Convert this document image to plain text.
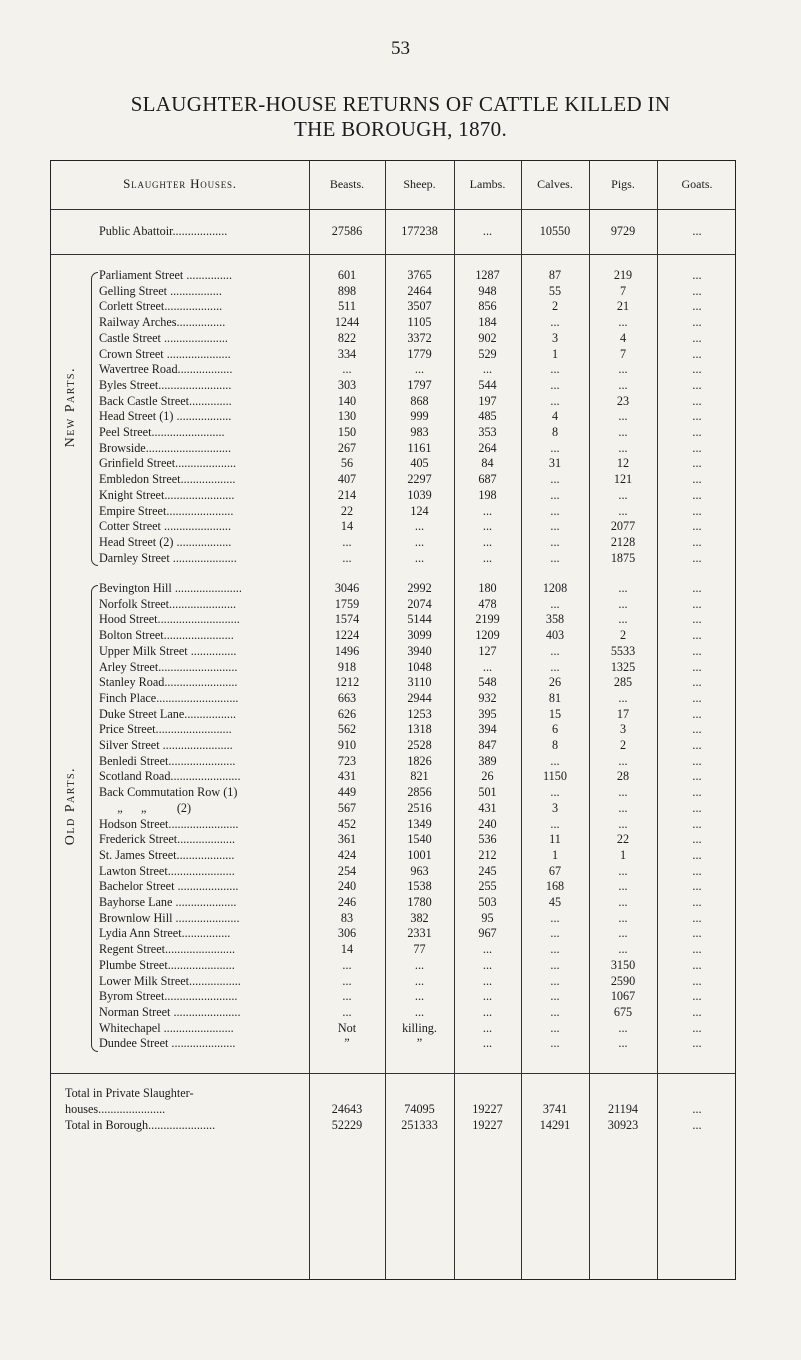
53
SLAUGHTER-HOUSE RETURNS OF CATTLE KILLED IN
THE BOROUGH, 1870.
Slaughter Houses.	Beasts.	Sheep.	Lambs.	Calves.	Pigs.	Goats.
Public Abattoir..................	27586	177238	...	10550	9729	...
Parliament Street ...............	601	3765	1287	87	219	...
Gelling Street .................	898	2464	948	55	7	...
Corlett Street...................	511	3507	856	2	21	...
Railway Arches................	1244	1105	184	...	...	...
Castle Street .....................	822	3372	902	3	4	...
Crown Street .....................	334	1779	529	1	7	...
Wavertree Road..................	...	...	...	...	...	...
Byles Street........................	303	1797	544	...	...	...
Back Castle Street..............	140	868	197	...	23	...
Head Street (1) ..................	130	999	485	4	...	...
Peel Street........................	150	983	353	8	...	...
Browside............................	267	1161	264	...	...	...
Grinfield Street....................	56	405	84	31	12	...
Embledon Street..................	407	2297	687	...	121	...
Knight Street.......................	214	1039	198	...	...	...
Empire Street......................	22	124	...	...	...	...
Cotter Street ......................	14	...	...	...	2077	...
Head Street (2) ..................	...	...	...	...	2128	...
Darnley Street .....................	...	...	...	...	1875	...
New Parts.
Bevington Hill ......................	3046	2992	180	1208	...	...
Norfolk Street......................	1759	2074	478	...	...	...
Hood Street...........................	1574	5144	2199	358	...	...
Bolton Street.......................	1224	3099	1209	403	2	...
Upper Milk Street ...............	1496	3940	127	...	5533	...
Arley Street..........................	918	1048	...	...	1325	...
Stanley Road........................	1212	3110	548	26	285	...
Finch Place...........................	663	2944	932	81	...	...
Duke Street Lane.................	626	1253	395	15	17	...
Price Street.........................	562	1318	394	6	3	...
Silver Street .......................	910	2528	847	8	2	...
Benledi Street......................	723	1826	389	...	...	...
Scotland Road.......................	431	821	26	1150	28	...
Back Commutation Row (1)	449	2856	501	...	...	...
„      „          (2)	567	2516	431	3	...	...
Hodson Street.......................	452	1349	240	...	...	...
Frederick Street...................	361	1540	536	11	22	...
St. James Street...................	424	1001	212	1	1	...
Lawton Street......................	254	963	245	67	...	...
Bachelor Street ....................	240	1538	255	168	...	...
Bayhorse Lane ....................	246	1780	503	45	...	...
Brownlow Hill .....................	83	382	95	...	...	...
Lydia Ann Street................	306	2331	967	...	...	...
Regent Street.......................	14	77	...	...	...	...
Plumbe Street......................	...	...	...	...	3150	...
Lower Milk Street.................	...	...	...	...	2590	...
Byrom Street........................	...	...	...	...	1067	...
Norman Street ......................	...	...	...	...	675	...
Whitechapel .......................	Not	killing.	...	...	...	...
Dundee Street .....................	”	”	...	...	...	...
Old Parts.
Total in Private Slaughter-
houses......................	24643	74095	19227	3741	21194	...
Total in Borough......................	52229	251333	19227	14291	30923	...
